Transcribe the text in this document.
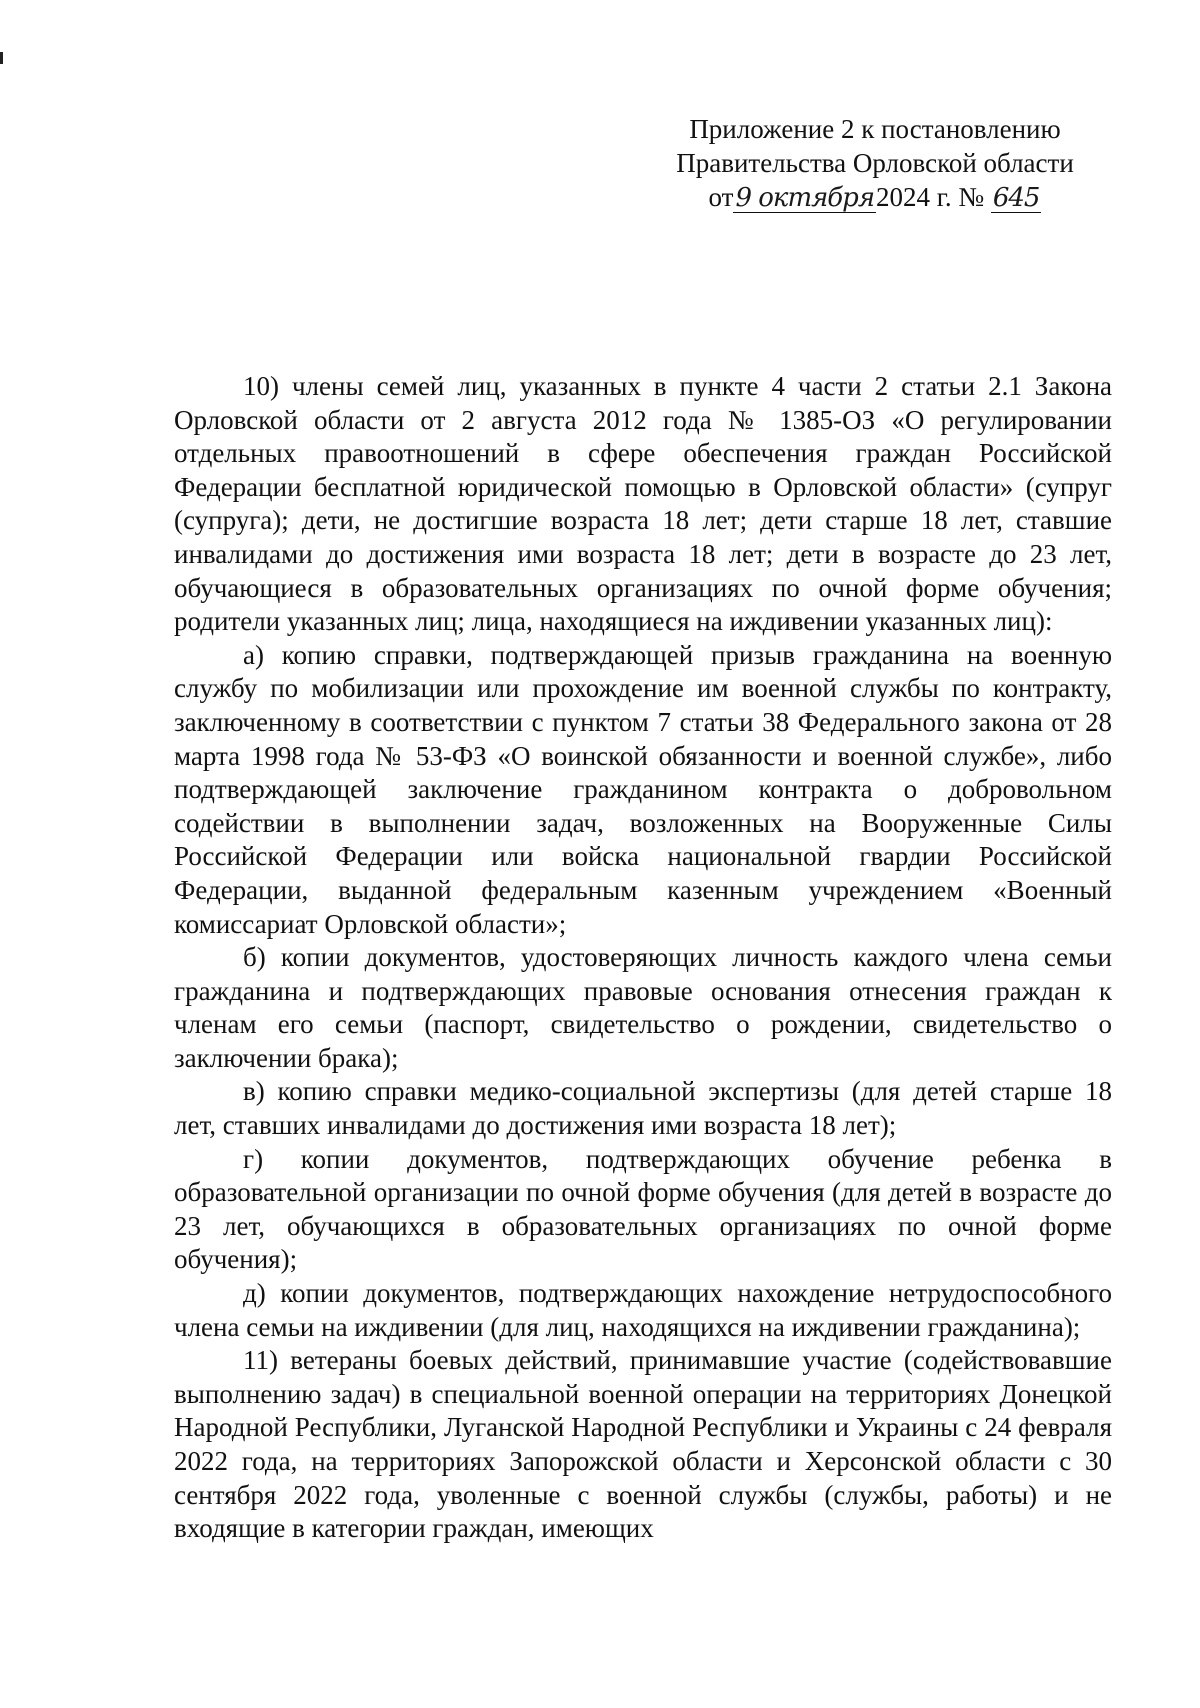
Приложение 2 к постановлению
Правительства Орловской области
от9 октября2024 г. № 645

10) члены семей лиц, указанных в пункте 4 части 2 статьи 2.1 Закона Орловской области от 2 августа 2012 года № 1385-ОЗ «О регулировании отдельных правоотношений в сфере обеспечения граждан Российской Федерации бесплатной юридической помощью в Орловской области» (супруг (супруга); дети, не достигшие возраста 18 лет; дети старше 18 лет, ставшие инвалидами до достижения ими возраста 18 лет; дети в возрасте до 23 лет, обучающиеся в образовательных организациях по очной форме обучения; родители указанных лиц; лица, находящиеся на иждивении указанных лиц):

а) копию справки, подтверждающей призыв гражданина на военную службу по мобилизации или прохождение им военной службы по контракту, заключенному в соответствии с пунктом 7 статьи 38 Федерального закона от 28 марта 1998 года № 53-ФЗ «О воинской обязанности и военной службе», либо подтверждающей заключение гражданином контракта о добровольном содействии в выполнении задач, возложенных на Вооруженные Силы Российской Федерации или войска национальной гвардии Российской Федерации, выданной федеральным казенным учреждением «Военный комиссариат Орловской области»;

б) копии документов, удостоверяющих личность каждого члена семьи гражданина и подтверждающих правовые основания отнесения граждан к членам его семьи (паспорт, свидетельство о рождении, свидетельство о заключении брака);

в) копию справки медико-социальной экспертизы (для детей старше 18 лет, ставших инвалидами до достижения ими возраста 18 лет);

г) копии документов, подтверждающих обучение ребенка в образовательной организации по очной форме обучения (для детей в возрасте до 23 лет, обучающихся в образовательных организациях по очной форме обучения);

д) копии документов, подтверждающих нахождение нетрудоспособного члена семьи на иждивении (для лиц, находящихся на иждивении гражданина);

11) ветераны боевых действий, принимавшие участие (содействовавшие выполнению задач) в специальной военной операции на территориях Донецкой Народной Республики, Луганской Народной Республики и Украины с 24 февраля 2022 года, на территориях Запорожской области и Херсонской области с 30 сентября 2022 года, уволенные с военной службы (службы, работы) и не входящие в категории граждан, имеющих
